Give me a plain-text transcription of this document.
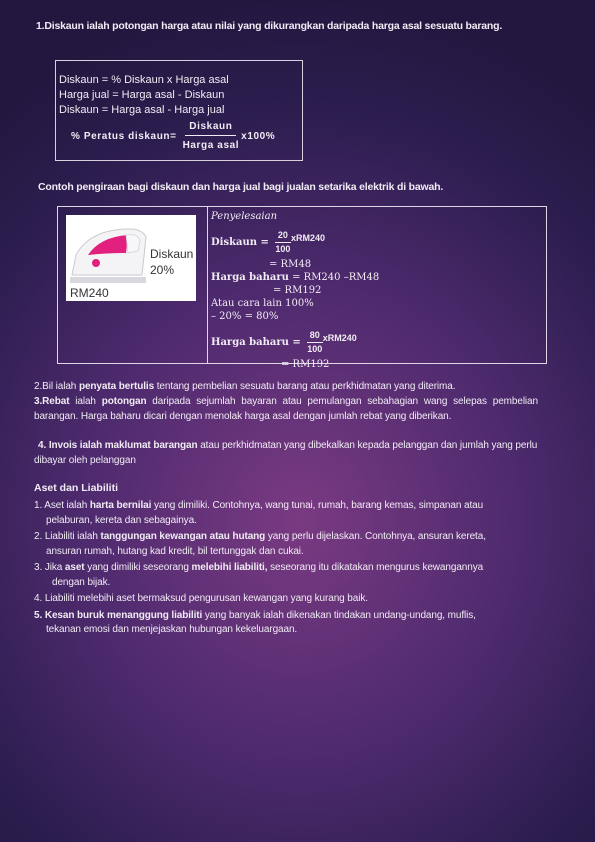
1.Diskaun ialah potongan harga atau nilai yang dikurangkan daripada harga asal sesuatu barang.
Diskaun = % Diskaun x Harga asal
Harga jual = Harga asal - Diskaun
Diskaun = Harga asal - Harga jual
% Peratus diskaun= $\frac{\text{Diskaun}}{\text{Harga asal}} x100\%$
Contoh pengiraan bagi diskaun dan harga jual bagi jualan setarika elektrik di bawah.
Diskaun
20%
RM240
Penyelesaian
Diskaun = $\frac{20}{100} xRM240$
= RM48
Harga baharu = RM240 –RM48
= RM192
Atau cara lain 100%
– 20% = 80%
Harga baharu = $\frac{80}{100} xRM240$
= RM192
2.Bil ialah penyata bertulis tentang pembelian sesuatu barang atau perkhidmatan yang diterima.
3.Rebat ialah potongan daripada sejumlah bayaran atau pemulangan sebahagian wang selepas pembelian barangan. Harga baharu dicari dengan menolak harga asal dengan jumlah rebat yang diberikan.
4. Invois ialah maklumat barangan atau perkhidmatan yang dibekalkan kepada pelanggan dan jumlah yang perlu dibayar oleh pelanggan
Aset dan Liabiliti
1. Aset ialah harta bernilai yang dimiliki. Contohnya, wang tunai, rumah, barang kemas, simpanan atau
pelaburan, kereta dan sebagainya.
2. Liabiliti ialah tanggungan kewangan atau hutang yang perlu dijelaskan. Contohnya, ansuran kereta,
ansuran rumah, hutang kad kredit, bil tertunggak dan cukai.
3. Jika aset yang dimiliki seseorang melebihi liabiliti, seseorang itu dikatakan mengurus kewangannya
dengan bijak.
4. Liabiliti melebihi aset bermaksud pengurusan kewangan yang kurang baik.
5. Kesan buruk menanggung liabiliti yang banyak ialah dikenakan tindakan undang-undang, muflis,
tekanan emosi dan menjejaskan hubungan kekeluargaan.
